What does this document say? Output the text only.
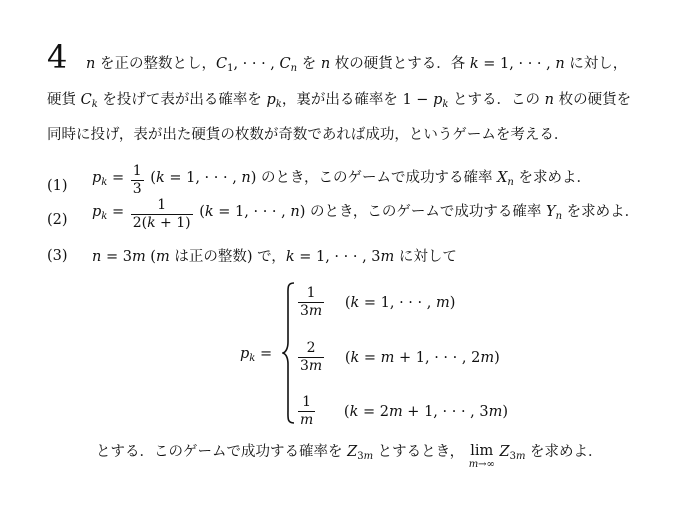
4 n を正の整数とし，$C_1$, · · · , $C_n$ を n 枚の硬貨とする．各 k = 1, · · · , n に対し，
硬貨 $C_k$ を投げて表が出る確率を $p_k$，裏が出る確率を $1 - p_k$ とする．この n 枚の硬貨を
同時に投げ，表が出た硬貨の枚数が奇数であれば成功，というゲームを考える．
(1) $p_k = \frac{1}{3} (k = 1$, · · · , n) のとき，このゲームで成功する確率 $X_n$ を求めよ．
(2) $p_k = \frac{1}{2(k + 1)} (k = 1$, · · · , n) のとき，このゲームで成功する確率 $Y_n$ を求めよ．
(3) n = 3m (m は正の整数) で，k = 1, · · · , 3m に対して
$p_k$ =
$\frac{1}{3m} (k = 1$, · · · , m)
$\frac{2}{3m} (k = m + 1$, · · · , 2m)
$\frac{1}{m} (k = 2m + 1$, · · · , 3m)
とする．このゲームで成功する確率を $Z_{3m}$ とするとき， lim
m→∞
$Z_{3m}$ を求めよ．
